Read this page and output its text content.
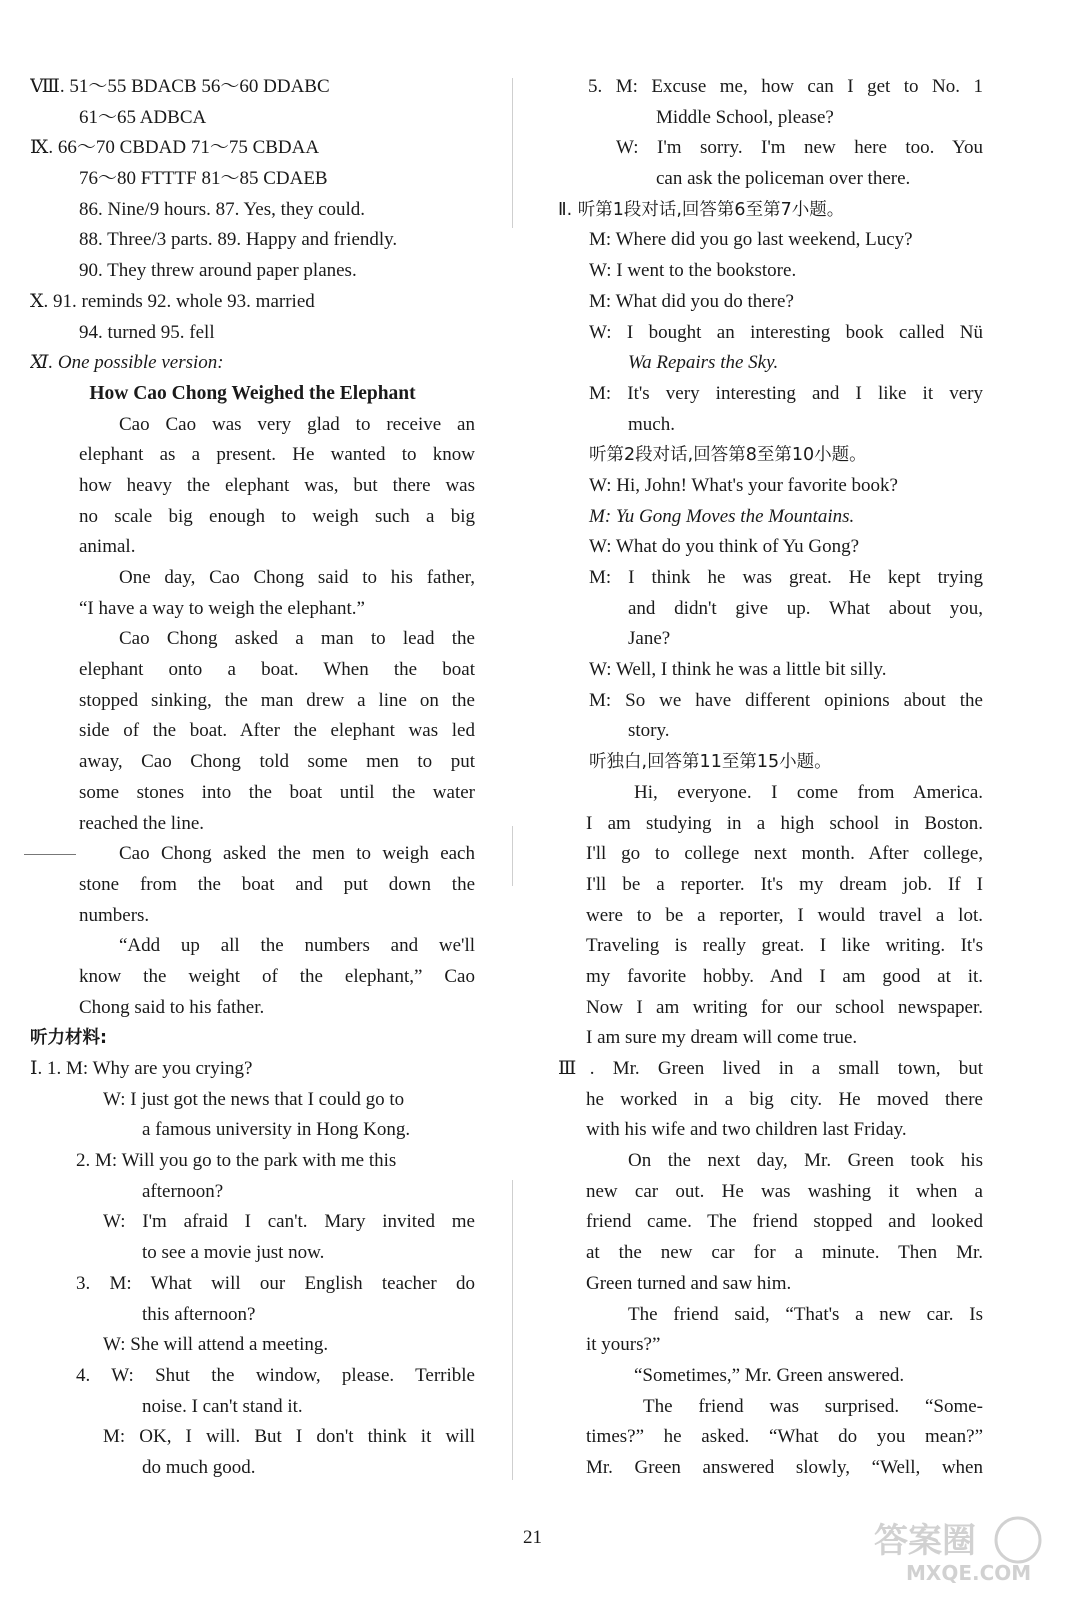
Ⅷ. 51～55 BDACB 56～60 DDABC
61～65 ADBCA
Ⅸ. 66～70 CBDAD 71～75 CBDAA
76～80 FTTTF 81～85 CDAEB
86. Nine/9 hours. 87. Yes, they could.
88. Three/3 parts. 89. Happy and friendly.
90. They threw around paper planes.
Ⅹ. 91. reminds 92. whole 93. married
94. turned 95. fell
Ⅺ. One possible version:
How Cao Chong Weighed the Elephant
Cao Cao was very glad to receive an
elephant as a present. He wanted to know
how heavy the elephant was, but there was
no scale big enough to weigh such a big
animal.
One day, Cao Chong said to his father,
“I have a way to weigh the elephant.”
Cao Chong asked a man to lead the
elephant onto a boat. When the boat
stopped sinking, the man drew a line on the
side of the boat. After the elephant was led
away, Cao Chong told some men to put
some stones into the boat until the water
reached the line.
Cao Chong asked the men to weigh each
stone from the boat and put down the
numbers.
“Add up all the numbers and we'll
know the weight of the elephant,” Cao
Chong said to his father.
听力材料:
Ⅰ. 1. M: Why are you crying?
W: I just got the news that I could go to
a famous university in Hong Kong.
2. M: Will you go to the park with me this
afternoon?
W: I'm afraid I can't. Mary invited me
to see a movie just now.
3. M: What will our English teacher do
this afternoon?
W: She will attend a meeting.
4. W: Shut the window, please. Terrible
noise. I can't stand it.
M: OK, I will. But I don't think it will
do much good.
5. M: Excuse me, how can I get to No. 1
Middle School, please?
W: I'm sorry. I'm new here too. You
can ask the policeman over there.
Ⅱ. 听第1段对话,回答第6至第7小题。
M: Where did you go last weekend, Lucy?
W: I went to the bookstore.
M: What did you do there?
W: I bought an interesting book called Nü
Wa Repairs the Sky.
M: It's very interesting and I like it very
much.
听第2段对话,回答第8至第10小题。
W: Hi, John! What's your favorite book?
M: Yu Gong Moves the Mountains.
W: What do you think of Yu Gong?
M: I think he was great. He kept trying
and didn't give up. What about you,
Jane?
W: Well, I think he was a little bit silly.
M: So we have different opinions about the
story.
听独白,回答第11至第15小题。
Hi, everyone. I come from America.
I am studying in a high school in Boston.
I'll go to college next month. After college,
I'll be a reporter. It's my dream job. If I
were to be a reporter, I would travel a lot.
Traveling is really great. I like writing. It's
my favorite hobby. And I am good at it.
Now I am writing for our school newspaper.
I am sure my dream will come true.
Ⅲ. Mr. Green lived in a small town, but
he worked in a big city. He moved there
with his wife and two children last Friday.
On the next day, Mr. Green took his
new car out. He was washing it when a
friend came. The friend stopped and looked
at the new car for a minute. Then Mr.
Green turned and saw him.
The friend said, “That's a new car. Is
it yours?”
“Sometimes,” Mr. Green answered.
The friend was surprised. “Some-
times?” he asked. “What do you mean?”
Mr. Green answered slowly, “Well, when
21	答案圈
MXQE.COM
